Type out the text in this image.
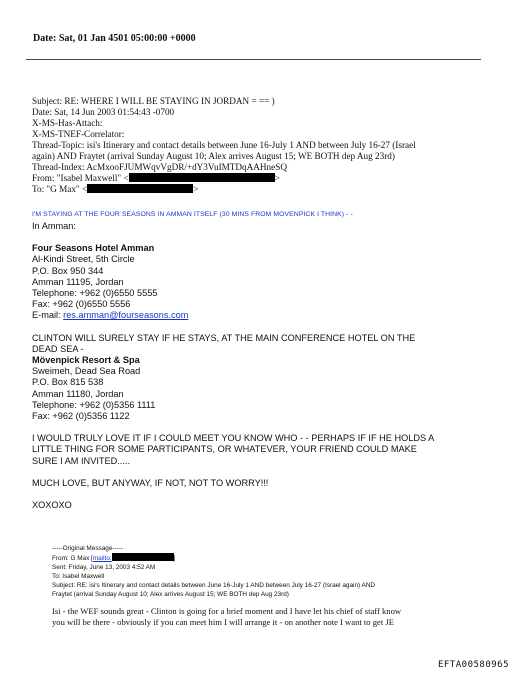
Date: Sat, 01 Jan 4501 05:00:00 +0000
Subject: RE: WHERE I WILL BE STAYING IN JORDAN = == )
Date: Sat, 14 Jun 2003 01:54:43 -0700
X-MS-Has-Attach:
X-MS-TNEF-Correlator:
Thread-Topic: isi's Itinerary and contact details between June 16-July 1 AND between July 16-27 (Israel
again) AND Fraytet (arrival Sunday August 10; Alex arrives August 15; WE BOTH dep Aug 23rd)
Thread-Index: AcMxooFJUMWqvVgDR/+dY3VuIMTDqAAHneSQ
From: "Isabel Maxwell" <	>
To: "G Max" <	>
I'M STAYING AT THE FOUR SEASONS IN AMMAN ITSELF (30 MINS FROM MOVENPICK I THINK) - -
In Amman:
Four Seasons Hotel Amman
Al-Kindi Street, 5th Circle
P.O. Box 950 344
Amman 11195, Jordan
Telephone: +962 (0)6550 5555
Fax: +962 (0)6550 5556
E-mail: res.amman@fourseasons.com
CLINTON WILL SURELY STAY IF HE STAYS, AT THE MAIN CONFERENCE HOTEL ON THE
DEAD SEA -
Mövenpick Resort & Spa
Sweimeh, Dead Sea Road
P.O. Box 815 538
Amman 11180, Jordan
Telephone: +962 (0)5356 1111
Fax: +962 (0)5356 1122
I WOULD TRULY LOVE IT IF I COULD MEET YOU KNOW WHO - - PERHAPS IF IF HE HOLDS A
LITTLE THING FOR SOME PARTICIPANTS, OR WHATEVER, YOUR FRIEND COULD MAKE
SURE I AM INVITED.....
MUCH LOVE, BUT ANYWAY, IF NOT, NOT TO WORRY!!!
XOXOXO
-----Original Message-----
From: G Max [mailto:	]
Sent: Friday, June 13, 2003 4:52 AM
To: Isabel Maxwell
Subject: RE: isi's Itinerary and contact details between June 16-July 1 AND between July 16-27 (Israel again) AND
Fraytet (arrival Sunday August 10; Alex arrives August 15; WE BOTH dep Aug 23rd)
Isi - the WEF sounds great - Clinton is going for a brief moment and I have let his chief of staff know
you will be there - obviously if you can meet him I will arrange it - on another note I want to get JE
EFTA00580965
